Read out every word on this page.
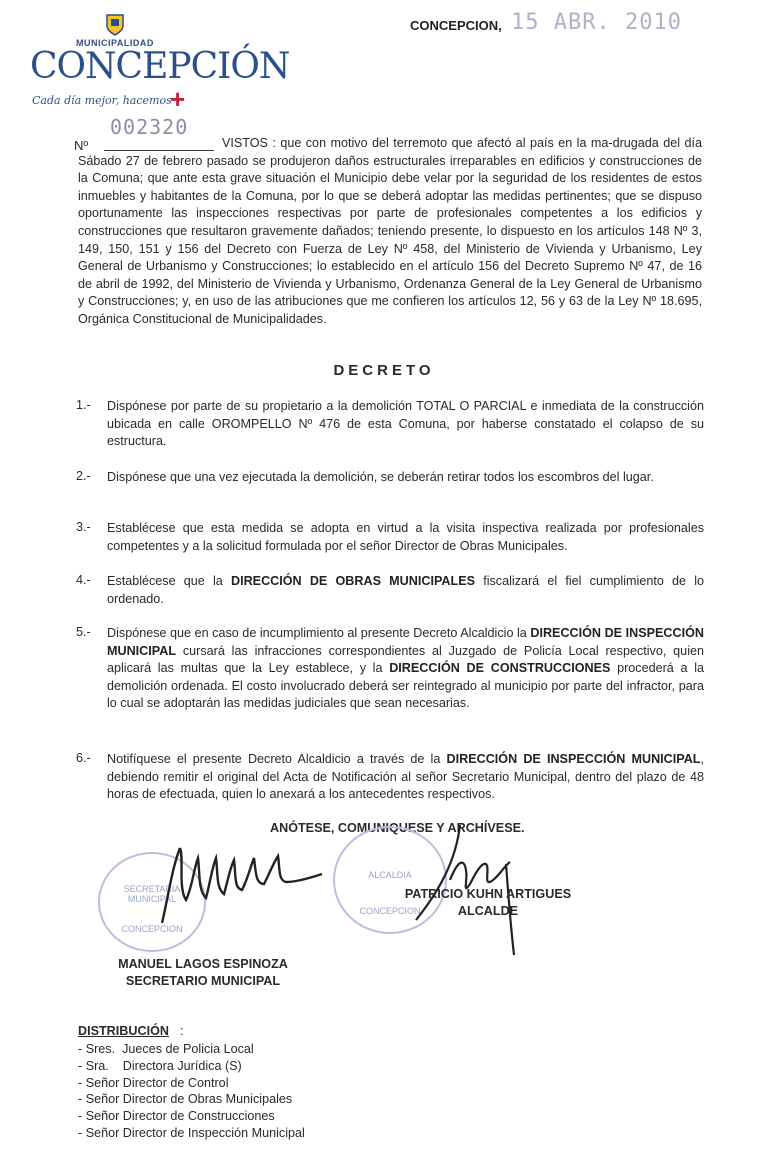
MUNICIPALIDAD
CONCEPCIÓN
Cada día mejor, hacemos
+
CONCEPCION, 15 ABR. 2010
Nº
002320
VISTOS : que con motivo del terremoto que afectó al país en la ma-drugada del día Sábado 27 de febrero pasado se produjeron daños estructurales irreparables en edificios y construcciones de la Comuna; que ante esta grave situación el Municipio debe velar por la seguridad de los residentes de estos inmuebles y habitantes de la Comuna, por lo que se deberá adoptar las medidas pertinentes; que se dispuso oportunamente las inspecciones respectivas por parte de profesionales competentes a los edificios y construcciones que resultaron gravemente dañados; teniendo presente, lo dispuesto en los artículos 148 Nº 3, 149, 150, 151 y 156 del Decreto con Fuerza de Ley Nº 458, del Ministerio de Vivienda y Urbanismo, Ley General de Urbanismo y Construcciones; lo establecido en el artículo 156 del Decreto Supremo Nº 47, de 16 de abril de 1992, del Ministerio de Vivienda y Urbanismo, Ordenanza General de la Ley General de Urbanismo y Construcciones; y, en uso de las atribuciones que me confieren los artículos 12, 56 y 63 de la Ley Nº 18.695, Orgánica Constitucional de Municipalidades.
DECRETO
1.- Dispónese por parte de su propietario a la demolición TOTAL O PARCIAL e inmediata de la construcción ubicada en calle OROMPELLO Nº 476 de esta Comuna, por haberse constatado el colapso de su estructura.
2.- Dispónese que una vez ejecutada la demolición, se deberán retirar todos los escombros del lugar.
3.- Establécese que esta medida se adopta en virtud a la visita inspectiva realizada por profesionales competentes y a la solicitud formulada por el señor Director de Obras Municipales.
4.- Establécese que la DIRECCIÓN DE OBRAS MUNICIPALES fiscalizará el fiel cumplimiento de lo ordenado.
5.- Dispónese que en caso de incumplimiento al presente Decreto Alcaldicio la DIRECCIÓN DE INSPECCIÓN MUNICIPAL cursará las infracciones correspondientes al Juzgado de Policía Local respectivo, quien aplicará las multas que la Ley establece, y la DIRECCIÓN DE CONSTRUCCIONES procederá a la demolición ordenada. El costo involucrado deberá ser reintegrado al municipio por parte del infractor, para lo cual se adoptarán las medidas judiciales que sean necesarias.
6.- Notifíquese el presente Decreto Alcaldicio a través de la DIRECCIÓN DE INSPECCIÓN MUNICIPAL, debiendo remitir el original del Acta de Notificación al señor Secretario Municipal, dentro del plazo de 48 horas de efectuada, quien lo anexará a los antecedentes respectivos.
ANÓTESE, COMUNIQUESE Y ARCHÍVESE.
SECRETARIA MUNICIPAL
CONCEPCION
ALCALDIA
CONCEPCION
PATRICIO KUHN ARTIGUES
ALCALDE
MANUEL LAGOS ESPINOZA
SECRETARIO MUNICIPAL
DISTRIBUCIÓN :
- Sres.  Jueces de Policia Local
- Sra.    Directora Jurídica (S)
- Señor Director de Control
- Señor Director de Obras Municipales
- Señor Director de Construcciones
- Señor Director de Inspección Municipal
